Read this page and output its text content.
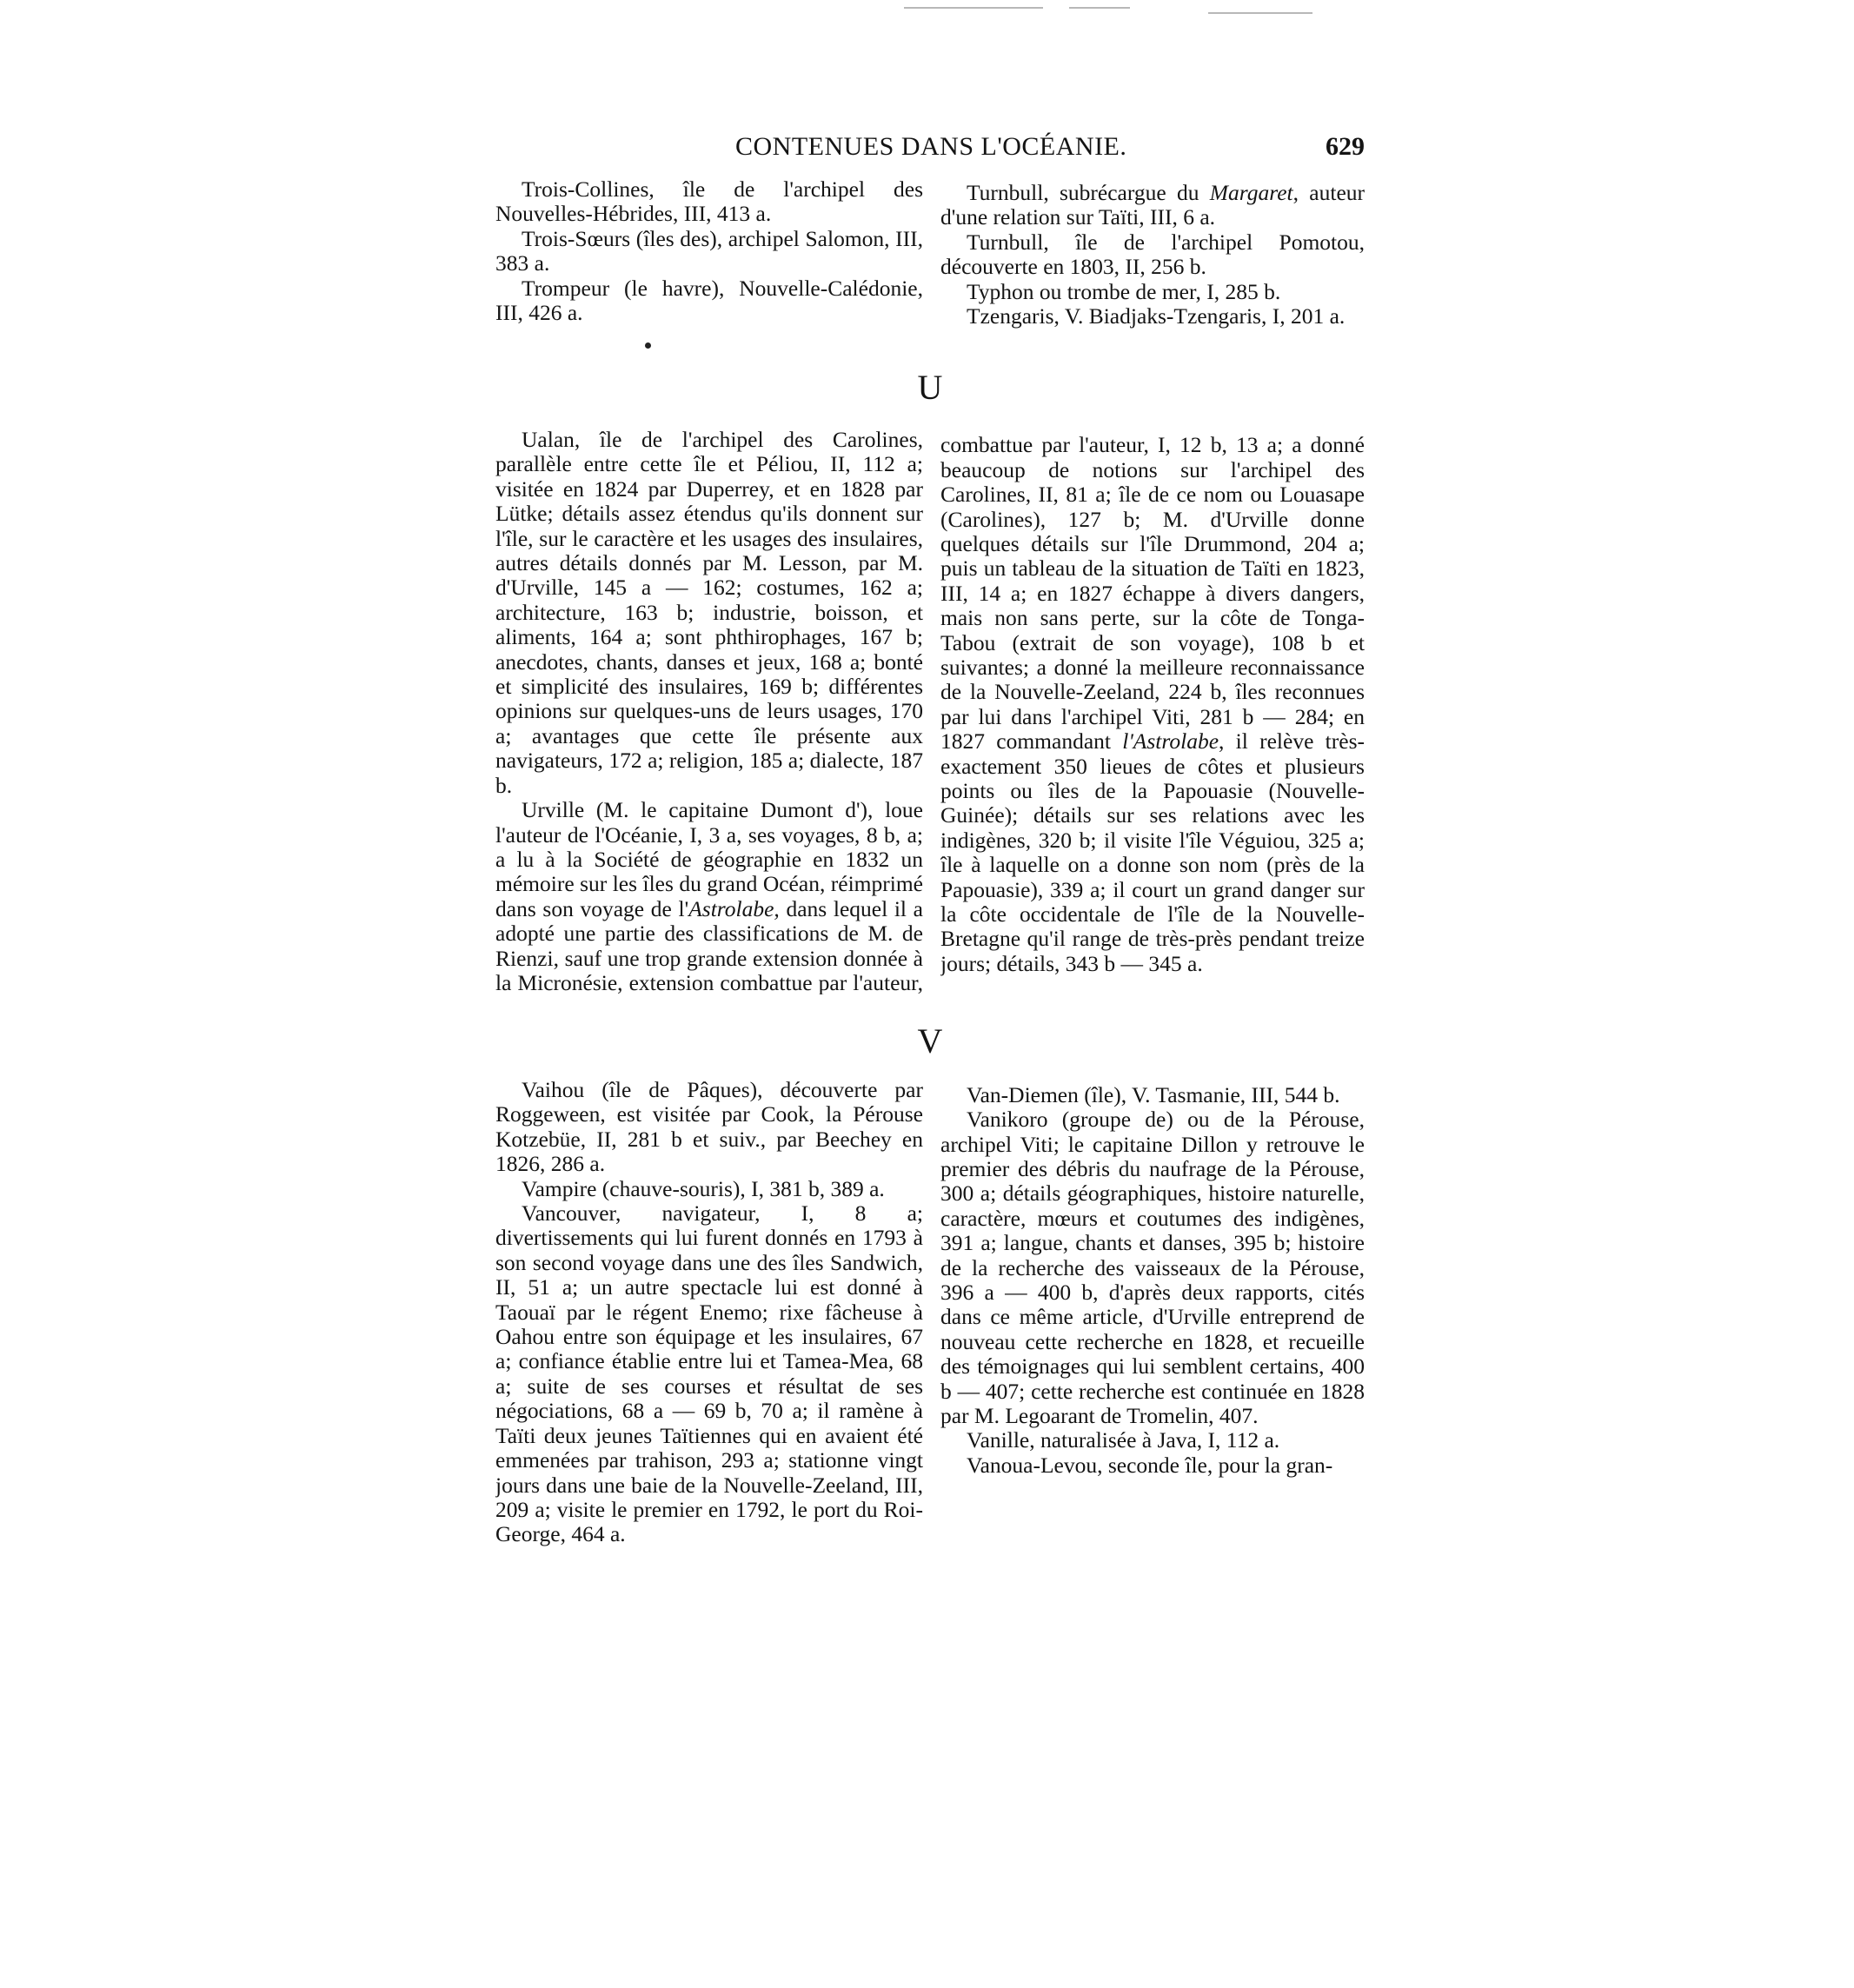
CONTENUES DANS L'OCÉANIE.	629

Trois-Collines, île de l'archipel des Nouvelles-Hébrides, III, 413 a.

Trois-Sœurs (îles des), archipel Salomon, III, 383 a.

Trompeur (le havre), Nouvelle-Calédonie, III, 426 a.

Turnbull, subrécargue du Margaret, auteur d'une relation sur Taïti, III, 6 a.

Turnbull, île de l'archipel Pomotou, découverte en 1803, II, 256 b.

Typhon ou trombe de mer, I, 285 b.

Tzengaris, V. Biadjaks-Tzengaris, I, 201 a.

U

Ualan, île de l'archipel des Carolines, parallèle entre cette île et Péliou, II, 112 a; visitée en 1824 par Duperrey, et en 1828 par Lütke; détails assez étendus qu'ils donnent sur l'île, sur le caractère et les usages des insulaires, autres détails donnés par M. Lesson, par M. d'Urville, 145 a — 162; costumes, 162 a; architecture, 163 b; industrie, boisson, et aliments, 164 a; sont phthirophages, 167 b; anecdotes, chants, danses et jeux, 168 a; bonté et simplicité des insulaires, 169 b; différentes opinions sur quelques-uns de leurs usages, 170 a; avantages que cette île présente aux navigateurs, 172 a; religion, 185 a; dialecte, 187 b.

Urville (M. le capitaine Dumont d'), loue l'auteur de l'Océanie, I, 3 a, ses voyages, 8 b, a; a lu à la Société de géographie en 1832 un mémoire sur les îles du grand Océan, réimprimé dans son voyage de l'Astrolabe, dans lequel il a adopté une partie des classifications de M. de Rienzi, sauf une trop grande extension donnée à la Micronésie, extension combattue par l'auteur,

combattue par l'auteur, I, 12 b, 13 a; a donné beaucoup de notions sur l'archipel des Carolines, II, 81 a; île de ce nom ou Louasape (Carolines), 127 b; M. d'Urville donne quelques détails sur l'île Drummond, 204 a; puis un tableau de la situation de Taïti en 1823, III, 14 a; en 1827 échappe à divers dangers, mais non sans perte, sur la côte de Tonga-Tabou (extrait de son voyage), 108 b et suivantes; a donné la meilleure reconnaissance de la Nouvelle-Zeeland, 224 b, îles reconnues par lui dans l'archipel Viti, 281 b — 284; en 1827 commandant l'Astrolabe, il relève très-exactement 350 lieues de côtes et plusieurs points ou îles de la Papouasie (Nouvelle-Guinée); détails sur ses relations avec les indigènes, 320 b; il visite l'île Véguiou, 325 a; île à laquelle on a donne son nom (près de la Papouasie), 339 a; il court un grand danger sur la côte occidentale de l'île de la Nouvelle-Bretagne qu'il range de très-près pendant treize jours; détails, 343 b — 345 a.

V

Vaihou (île de Pâques), découverte par Roggeween, est visitée par Cook, la Pérouse Kotzebüe, II, 281 b et suiv., par Beechey en 1826, 286 a.

Vampire (chauve-souris), I, 381 b, 389 a.

Vancouver, navigateur, I, 8 a; divertissements qui lui furent donnés en 1793 à son second voyage dans une des îles Sandwich, II, 51 a; un autre spectacle lui est donné à Taouaï par le régent Enemo; rixe fâcheuse à Oahou entre son équipage et les insulaires, 67 a; confiance établie entre lui et Tamea-Mea, 68 a; suite de ses courses et résultat de ses négociations, 68 a — 69 b, 70 a; il ramène à Taïti deux jeunes Taïtiennes qui en avaient été emmenées par trahison, 293 a; stationne vingt jours dans une baie de la Nouvelle-Zeeland, III, 209 a; visite le premier en 1792, le port du Roi-George, 464 a.

Van-Diemen (île), V. Tasmanie, III, 544 b.

Vanikoro (groupe de) ou de la Pérouse, archipel Viti; le capitaine Dillon y retrouve le premier des débris du naufrage de la Pérouse, 300 a; détails géographiques, histoire naturelle, caractère, mœurs et coutumes des indigènes, 391 a; langue, chants et danses, 395 b; histoire de la recherche des vaisseaux de la Pérouse, 396 a — 400 b, d'après deux rapports, cités dans ce même article, d'Urville entreprend de nouveau cette recherche en 1828, et recueille des témoignages qui lui semblent certains, 400 b — 407; cette recherche est continuée en 1828 par M. Legoarant de Tromelin, 407.

Vanille, naturalisée à Java, I, 112 a.

Vanoua-Levou, seconde île, pour la gran-
